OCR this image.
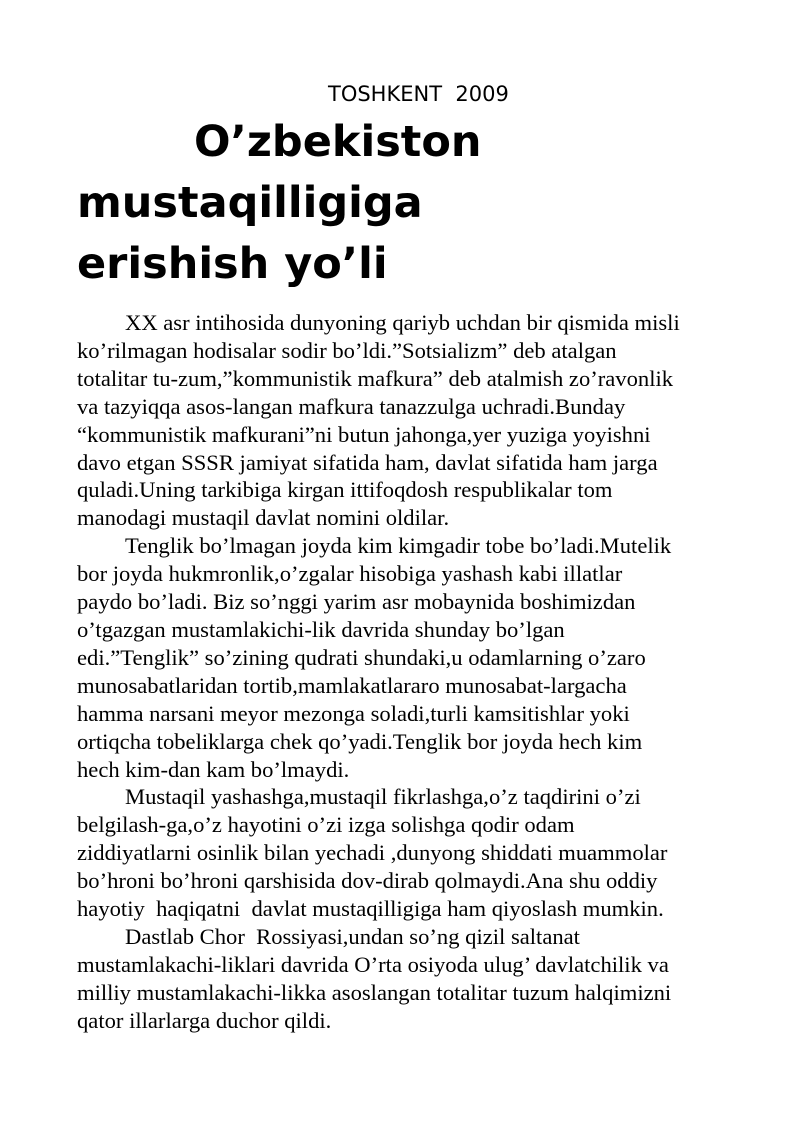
TOSHKENT  2009
O’zbekiston
mustaqilligiga
erishish yo’li

XX asr intihosida dunyoning qariyb uchdan bir qismida misli
ko’rilmagan hodisalar sodir bo’ldi.”Sotsializm” deb atalgan
totalitar tu-zum,”kommunistik mafkura” deb atalmish zo’ravonlik
va tazyiqqa asos-langan mafkura tanazzulga uchradi.Bunday
“kommunistik mafkurani”ni butun jahonga,yer yuziga yoyishni
davo etgan SSSR jamiyat sifatida ham, davlat sifatida ham jarga
quladi.Uning tarkibiga kirgan ittifoqdosh respublikalar tom
manodagi mustaqil davlat nomini oldilar.

Tenglik bo’lmagan joyda kim kimgadir tobe bo’ladi.Mutelik
bor joyda hukmronlik,o’zgalar hisobiga yashash kabi illatlar
paydo bo’ladi. Biz so’nggi yarim asr mobaynida boshimizdan
o’tgazgan mustamlakichi-lik davrida shunday bo’lgan
edi.”Tenglik” so’zining qudrati shundaki,u odamlarning o’zaro
munosabatlaridan tortib,mamlakatlararo munosabat-largacha
hamma narsani meyor mezonga soladi,turli kamsitishlar yoki
ortiqcha tobeliklarga chek qo’yadi.Tenglik bor joyda hech kim
hech kim-dan kam bo’lmaydi.

Mustaqil yashashga,mustaqil fikrlashga,o’z taqdirini o’zi
belgilash-ga,o’z hayotini o’zi izga solishga qodir odam
ziddiyatlarni osinlik bilan yechadi ,dunyong shiddati muammolar
bo’hroni bo’hroni qarshisida dov-dirab qolmaydi.Ana shu oddiy
hayotiy  haqiqatni  davlat mustaqilligiga ham qiyoslash mumkin.

Dastlab Chor  Rossiyasi,undan so’ng qizil saltanat
mustamlakachi-liklari davrida O’rta osiyoda ulug’ davlatchilik va
milliy mustamlakachi-likka asoslangan totalitar tuzum halqimizni
qator illarlarga duchor qildi.
